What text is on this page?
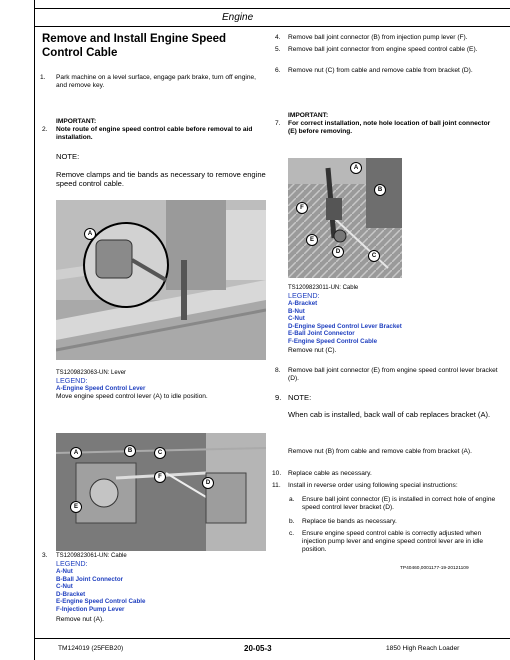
Engine
Remove and Install Engine Speed Control Cable
1. Park machine on a level surface, engage park brake, turn off engine, and remove key.
IMPORTANT:
2. Note route of engine speed control cable before removal to aid installation.
NOTE:
Remove clamps and tie bands as necessary to remove engine speed control cable.
A
TS1209823063-UN: Lever
LEGEND:
A-Engine Speed Control Lever
Move engine speed control lever (A) to idle position.
A	B	C
D
E
F
3. TS1209823061-UN: Cable
LEGEND:
A-Nut
B-Ball Joint Connector
C-Nut
D-Bracket
E-Engine Speed Control Cable
F-Injection Pump Lever
Remove nut (A).
4. Remove ball joint connector (B) from injection pump lever (F).
5. Remove ball joint connector from engine speed control cable (E).
6. Remove nut (C) from cable and remove cable from bracket (D).
IMPORTANT:
7. For correct installation, note hole location of ball joint connector (E) before removing.
A
B
C
D
E
F
TS1209823011-UN: Cable
LEGEND:
A-Bracket
B-Nut
C-Nut
D-Engine Speed Control Lever Bracket
E-Ball Joint Connector
F-Engine Speed Control Cable
Remove nut (C).
8. Remove ball joint connector (E) from engine speed control lever bracket (D).
9. NOTE:
When cab is installed, back wall of cab replaces bracket (A).
Remove nut (B) from cable and remove cable from bracket (A).
10. Replace cable as necessary.
11. Install in reverse order using following special instructions:
a. Ensure ball joint connector (E) is installed in correct hole of engine speed control lever bracket (D).
b. Replace tie bands as necessary.
c. Ensure engine speed control cable is correctly adjusted when injection pump lever and engine speed control lever are in idle position.
TP40460,0001177-19-20121109
TM124019 (25FEB20)	20-05-3	1850 High Reach Loader
